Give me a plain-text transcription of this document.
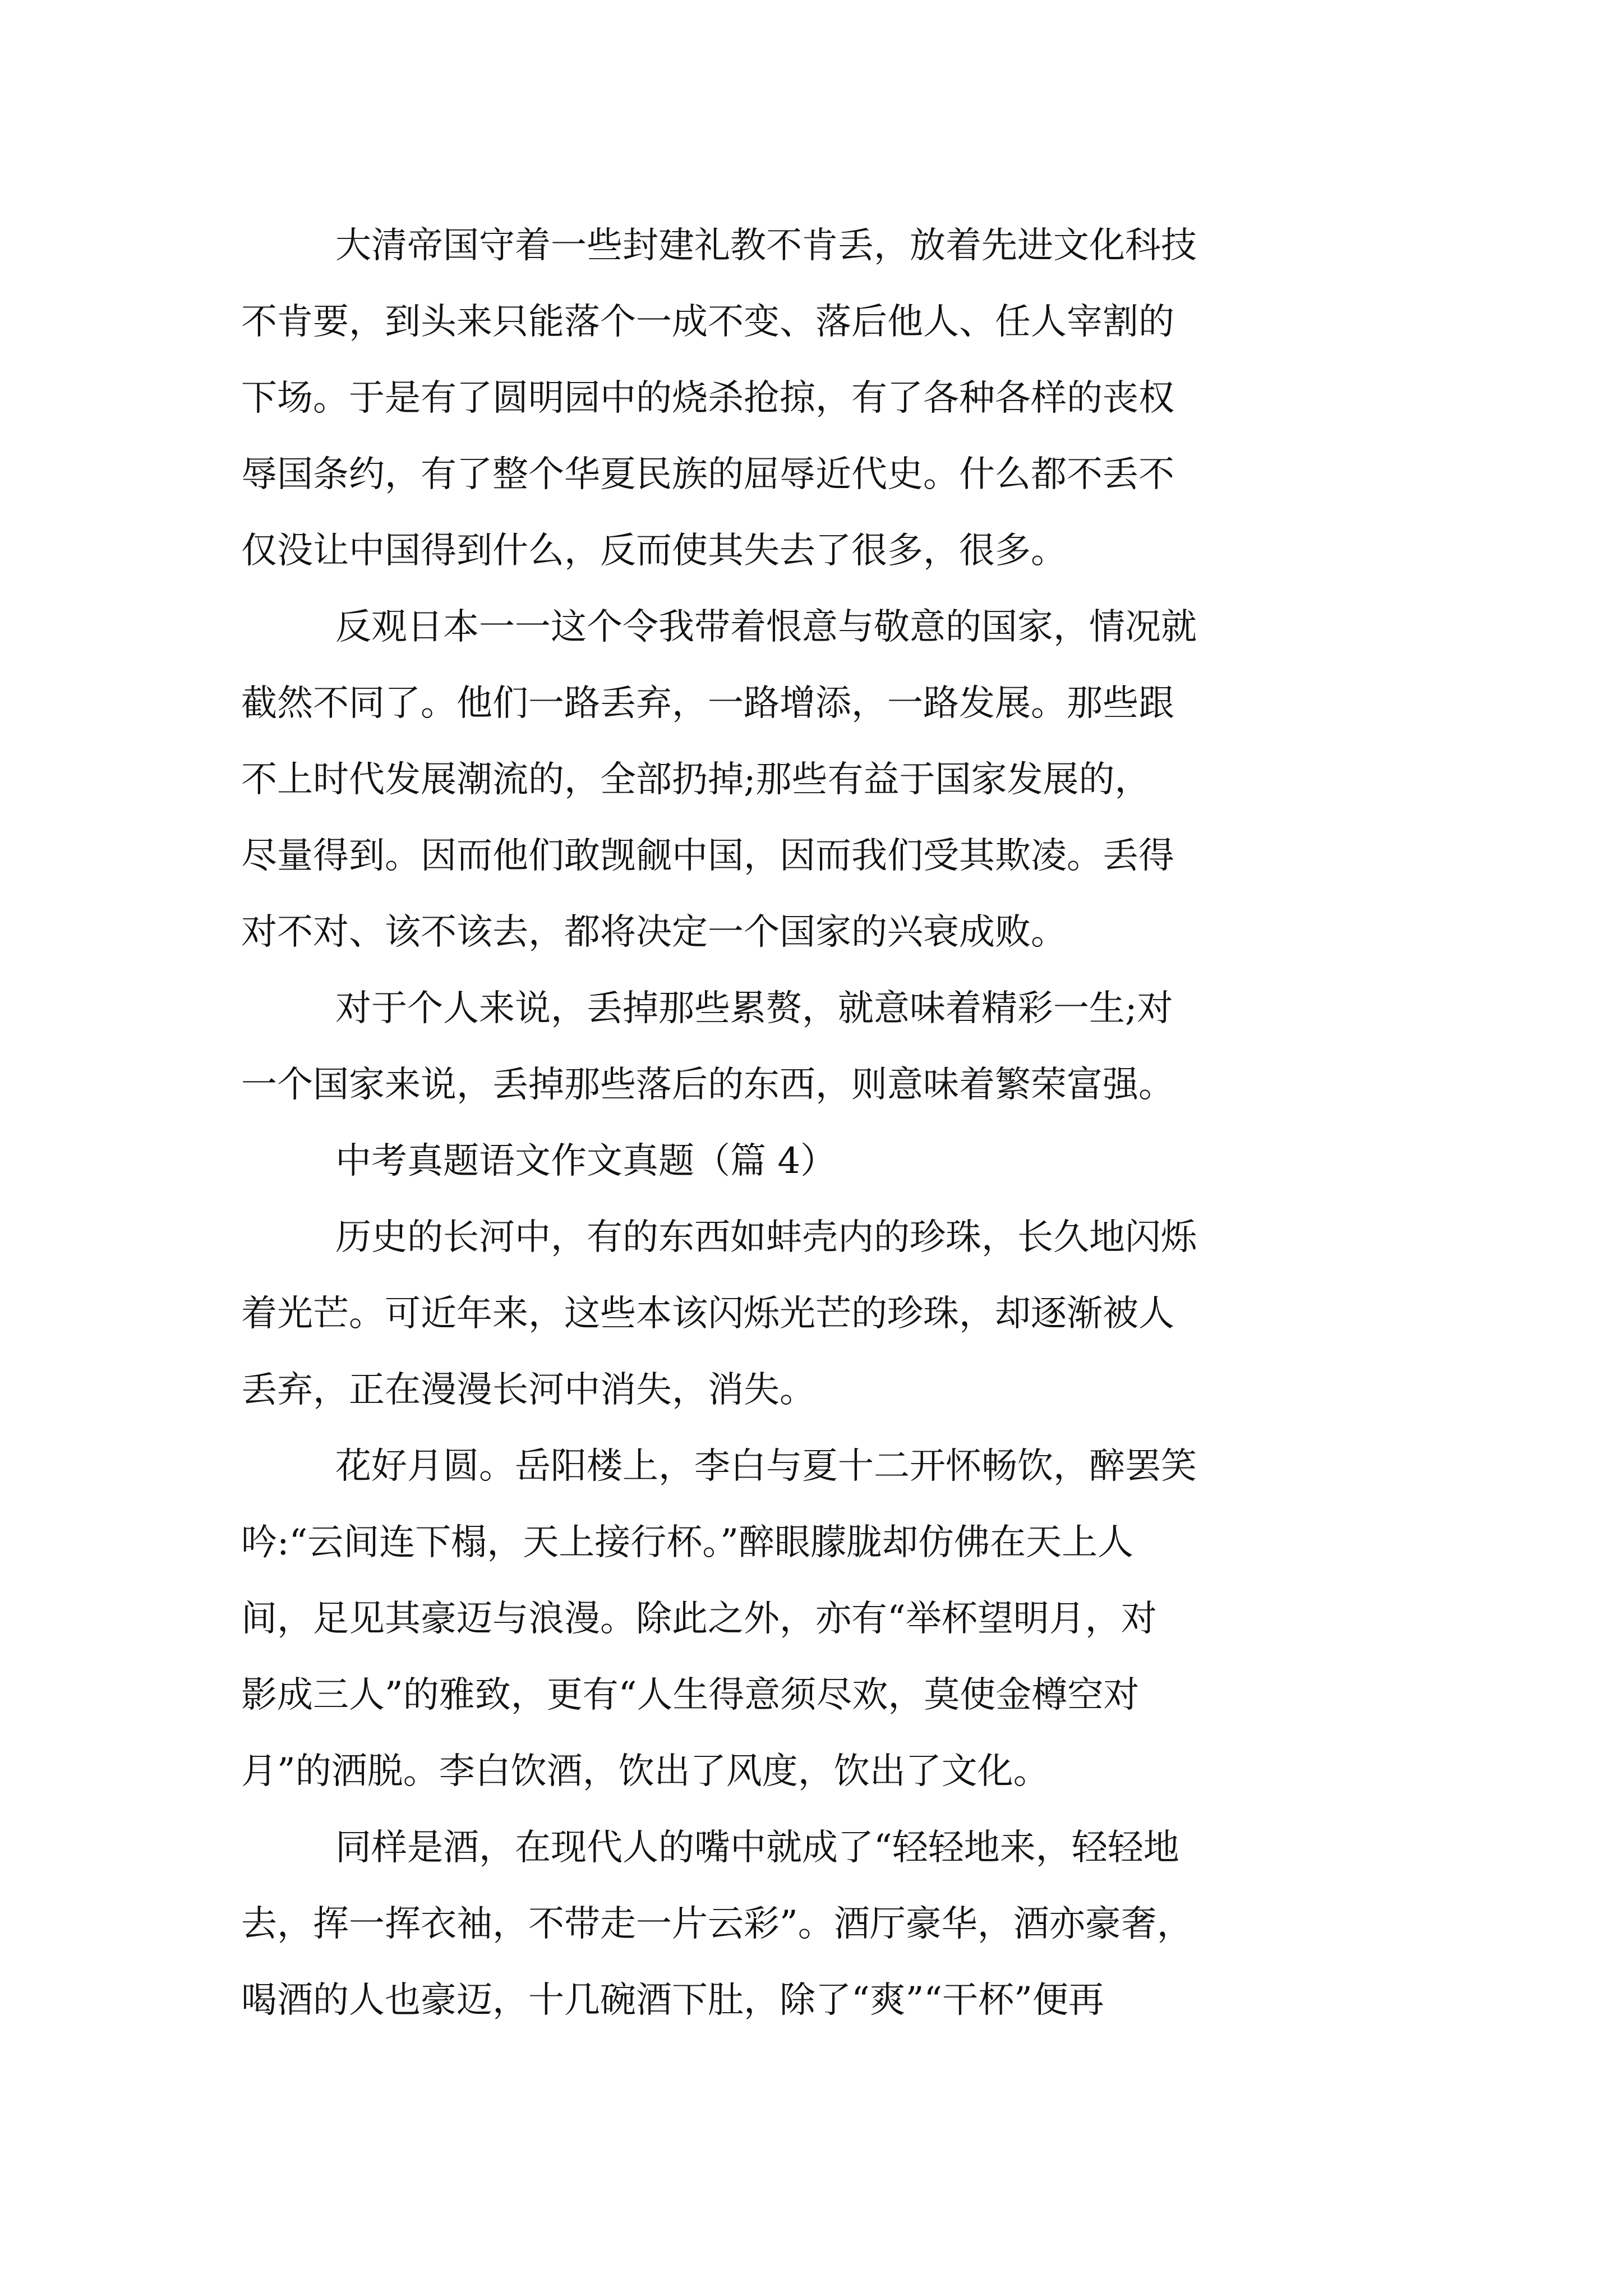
大清帝国守着一些封建礼教不肯丢，放着先进文化科技
不肯要，到头来只能落个一成不变、落后他人、任人宰割的
下场。于是有了圆明园中的烧杀抢掠，有了各种各样的丧权
辱国条约，有了整个华夏民族的屈辱近代史。什么都不丢不
仅没让中国得到什么，反而使其失去了很多，很多。
反观日本一一这个令我带着恨意与敬意的国家，情况就
截然不同了。他们一路丢弃，一路增添，一路发展。那些跟
不上时代发展潮流的，全部扔掉;那些有益于国家发展的，
尽量得到。因而他们敢觊觎中国，因而我们受其欺凌。丢得
对不对、该不该去，都将决定一个国家的兴衰成败。
对于个人来说，丢掉那些累赘，就意味着精彩一生;对
一个国家来说，丢掉那些落后的东西，则意味着繁荣富强。
中考真题语文作文真题（篇 4）
历史的长河中，有的东西如蚌壳内的珍珠，长久地闪烁
着光芒。可近年来，这些本该闪烁光芒的珍珠，却逐渐被人
丢弃，正在漫漫长河中消失，消失。
花好月圆。岳阳楼上，李白与夏十二开怀畅饮，醉罢笑
吟:“云间连下榻，天上接行杯。”醉眼朦胧却仿佛在天上人
间，足见其豪迈与浪漫。除此之外，亦有“举杯望明月，对
影成三人”的雅致，更有“人生得意须尽欢，莫使金樽空对
月”的洒脱。李白饮酒，饮出了风度，饮出了文化。
同样是酒，在现代人的嘴中就成了“轻轻地来，轻轻地
去，挥一挥衣袖，不带走一片云彩”。酒厅豪华，酒亦豪奢，
喝酒的人也豪迈，十几碗酒下肚，除了“爽”“干杯”便再
